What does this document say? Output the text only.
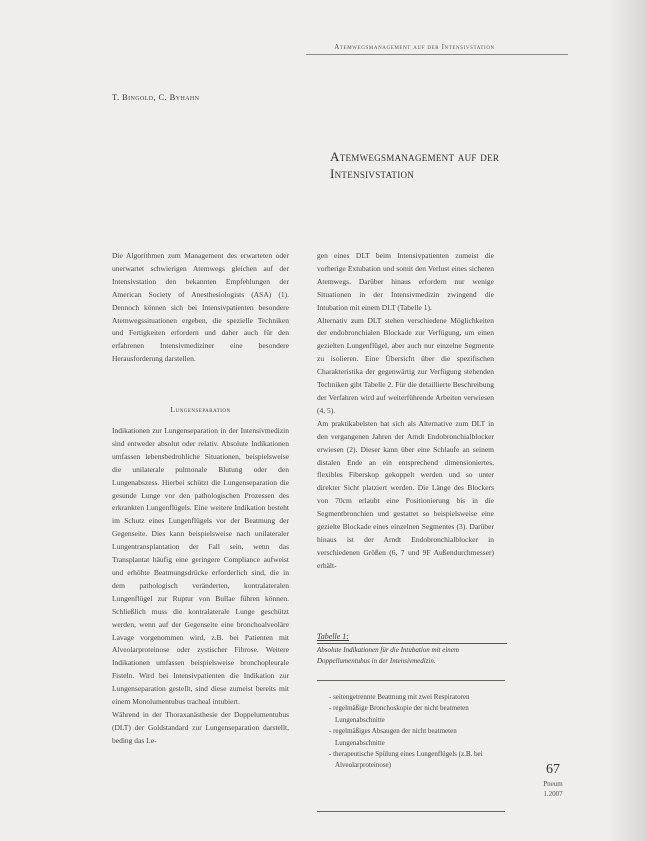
Atemwegsmanagement auf der Intensivstation
T. Bingold, C. Byhahn
Atemwegsmanagement auf der
Intensivstation

Die Algorithmen zum Management des erwarteten oder unerwartet schwierigen Atemwegs gleichen auf der Intensivstation den bekannten Empfehlungen der American Society of Anesthesiologists (ASA) (1). Dennoch können sich bei Intensivpatienten besondere Atemwegssituationen ergeben, die spezielle Techniken und Fertigkeiten erfordern und daher auch für den erfahrenen Intensivmediziner eine besondere Herausforderung darstellen.

Lungenseparation

Indikationen zur Lungenseparation in der Intensivmedizin sind entweder absolut oder relativ. Absolute Indikationen umfassen lebensbedrohliche Situationen, beispielsweise die unilaterale pulmonale Blutung oder den Lungenabszess. Hierbei schützt die Lungenseparation die gesunde Lunge vor den pathologischen Prozessen des erkrankten Lungenflügels. Eine weitere Indikation besteht im Schutz eines Lungenflügels vor der Beatmung der Gegenseite. Dies kann beispielsweise nach unilateraler Lungentransplantation der Fall sein, wenn das Transplantat häufig eine geringere Compliance aufweist und erhöhte Beatmungsdrücke erforderlich sind, die in dem pathologisch veränderten, kontralateralen Lungenflügel zur Ruptur von Bullae führen können. Schließlich muss die kontralaterale Lunge geschützt werden, wenn auf der Gegenseite eine bronchoalveoläre Lavage vorgenommen wird, z.B. bei Patienten mit Alveolarproteinose oder zystischer Fibrose. Weitere Indikationen umfassen beispielsweise bronchopleurale Fisteln. Wird bei Intensivpatienten die Indikation zur Lungenseparation gestellt, sind diese zumeist bereits mit einem Monolumentubus tracheal intubiert.

Während in der Thoraxanästhesie der Doppelumentubus (DLT) der Goldstandard zur Lungenseparation darstellt, beding das Le-

gen eines DLT beim Intensivpatienten zumeist die vorherige Extubation und somit den Verlust eines sicheren Atemwegs. Darüber hinaus erfordern nur wenige Situationen in der Intensivmedizin zwingend die Intubation mit einem DLT (Tabelle 1).

Alternativ zum DLT stehen verschiedene Möglichkeiten der endobronchialen Blockade zur Verfügung, um einen gezielten Lungenflügel, aber auch nur einzelne Segmente zu isolieren. Eine Übersicht über die spezifischen Charakteristika der gegenwärtig zur Verfügung stehenden Techniken gibt Tabelle 2. Für die detaillierte Beschreibung der Verfahren wird auf weiterführende Arbeiten verwiesen (4, 5).

Am praktikabelsten hat sich als Alternative zum DLT in den vergangenen Jahren der Arndt Endobronchialblocker erwiesen (2). Dieser kann über eine Schlaufe an seinem distalen Ende an ein entsprechend dimensioniertes, flexibles Fiberskop gekoppelt werden und so unter direkter Sicht platziert werden. Die Länge des Blockers von 70cm erlaubt eine Positionierung bis in die Segmentbronchien und gestattet so beispielsweise eine gezielte Blockade eines einzelnen Segmentes (3). Darüber hinaus ist der Arndt Endobronchialblocker in verschiedenen Größen (6, 7 und 9F Außendurchmesser) erhält-

Tabelle 1:
Absolute Indikationen für die Intubation mit einem Doppellumentubus in der Intensivmedizin.
- seitengetrennte Beatmung mit zwei Respiratoren
- regelmäßige Bronchoskopie der nicht beatmeten Lungenabschnitte
- regelmäßiges Absaugen der nicht beatmeten Lungenabschnitte
- therapeutische Spülung eines Lungenflügels (z.B. bei Alveolarproteinose)	67
Pneum
1.2007
